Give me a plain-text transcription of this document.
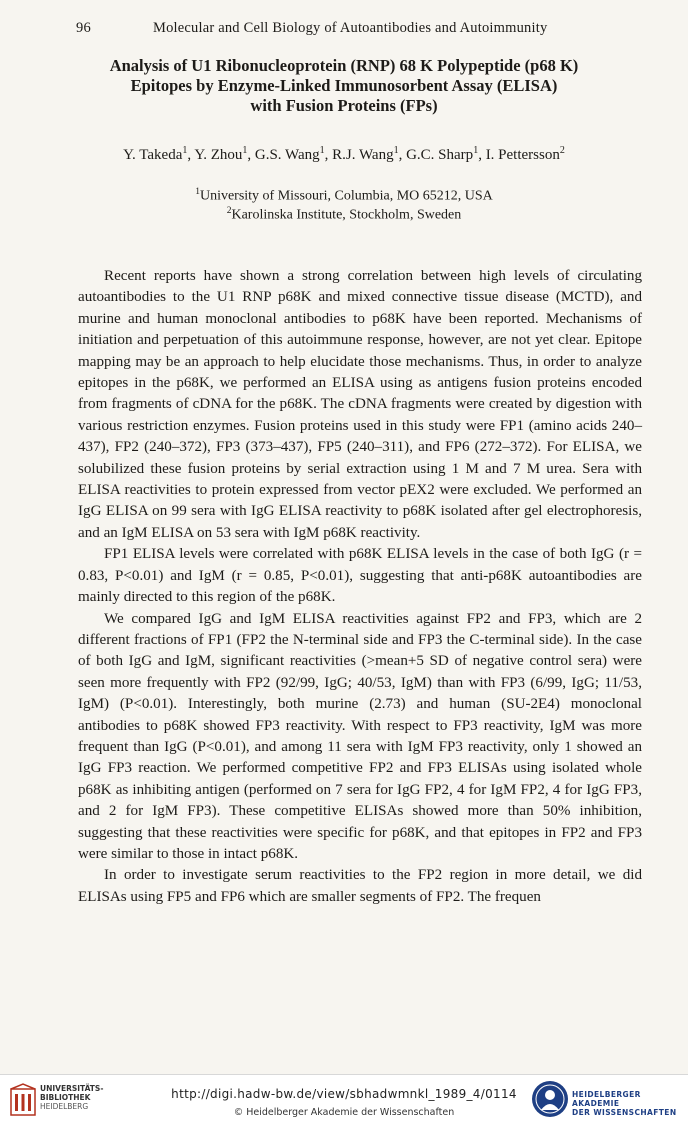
96	Molecular and Cell Biology of Autoantibodies and Autoimmunity
Analysis of U1 Ribonucleoprotein (RNP) 68 K Polypeptide (p68 K)
Epitopes by Enzyme-Linked Immunosorbent Assay (ELISA)
with Fusion Proteins (FPs)
Y. Takeda$^1$, Y. Zhou$^1$, G.S. Wang$^1$, R.J. Wang$^1$, G.C. Sharp$^1$, I. Pettersson$^2$
$^1$University of Missouri, Columbia, MO 65212, USA
$^2$Karolinska Institute, Stockholm, Sweden

Recent reports have shown a strong correlation between high levels of circulating autoantibodies to the U1 RNP p68K and mixed connective tissue disease (MCTD), and murine and human monoclonal antibodies to p68K have been reported. Mechanisms of initiation and perpetuation of this autoimmune response, however, are not yet clear. Epitope mapping may be an approach to help elucidate those mechanisms. Thus, in order to analyze epitopes in the p68K, we performed an ELISA using as antigens fusion proteins encoded from fragments of cDNA for the p68K. The cDNA fragments were created by digestion with various restriction enzymes. Fusion proteins used in this study were FP1 (amino acids 240–437), FP2 (240–372), FP3 (373–437), FP5 (240–311), and FP6 (272–372). For ELISA, we solubilized these fusion proteins by serial extraction using 1 M and 7 M urea. Sera with ELISA reactivities to protein expressed from vector pEX2 were excluded. We performed an IgG ELISA on 99 sera with IgG ELISA reactivity to p68K isolated after gel electrophoresis, and an IgM ELISA on 53 sera with IgM p68K reactivity.

FP1 ELISA levels were correlated with p68K ELISA levels in the case of both IgG (r = 0.83, P<0.01) and IgM (r = 0.85, P<0.01), suggesting that anti-p68K autoantibodies are mainly directed to this region of the p68K.

We compared IgG and IgM ELISA reactivities against FP2 and FP3, which are 2 different fractions of FP1 (FP2 the N-terminal side and FP3 the C-terminal side). In the case of both IgG and IgM, significant reactivities (>mean+5 SD of negative control sera) were seen more frequently with FP2 (92/99, IgG; 40/53, IgM) than with FP3 (6/99, IgG; 11/53, IgM) (P<0.01). Interestingly, both murine (2.73) and human (SU-2E4) monoclonal antibodies to p68K showed FP3 reactivity. With respect to FP3 reactivity, IgM was more frequent than IgG (P<0.01), and among 11 sera with IgM FP3 reactivity, only 1 showed an IgG FP3 reaction. We performed competitive FP2 and FP3 ELISAs using isolated whole p68K as inhibiting antigen (performed on 7 sera for IgG FP2, 4 for IgM FP2, 4 for IgG FP3, and 2 for IgM FP3). These competitive ELISAs showed more than 50% inhibition, suggesting that these reactivities were specific for p68K, and that epitopes in FP2 and FP3 were similar to those in intact p68K.

In order to investigate serum reactivities to the FP2 region in more detail, we did ELISAs using FP5 and FP6 which are smaller segments of FP2. The frequen

UNIVERSITÄTS-
BIBLIOTHEK
HEIDELBERG
http://digi.hadw-bw.de/view/sbhadwmnkl_1989_4/0114
© Heidelberger Akademie der Wissenschaften
HEIDELBERGER AKADEMIE
DER WISSENSCHAFTEN
